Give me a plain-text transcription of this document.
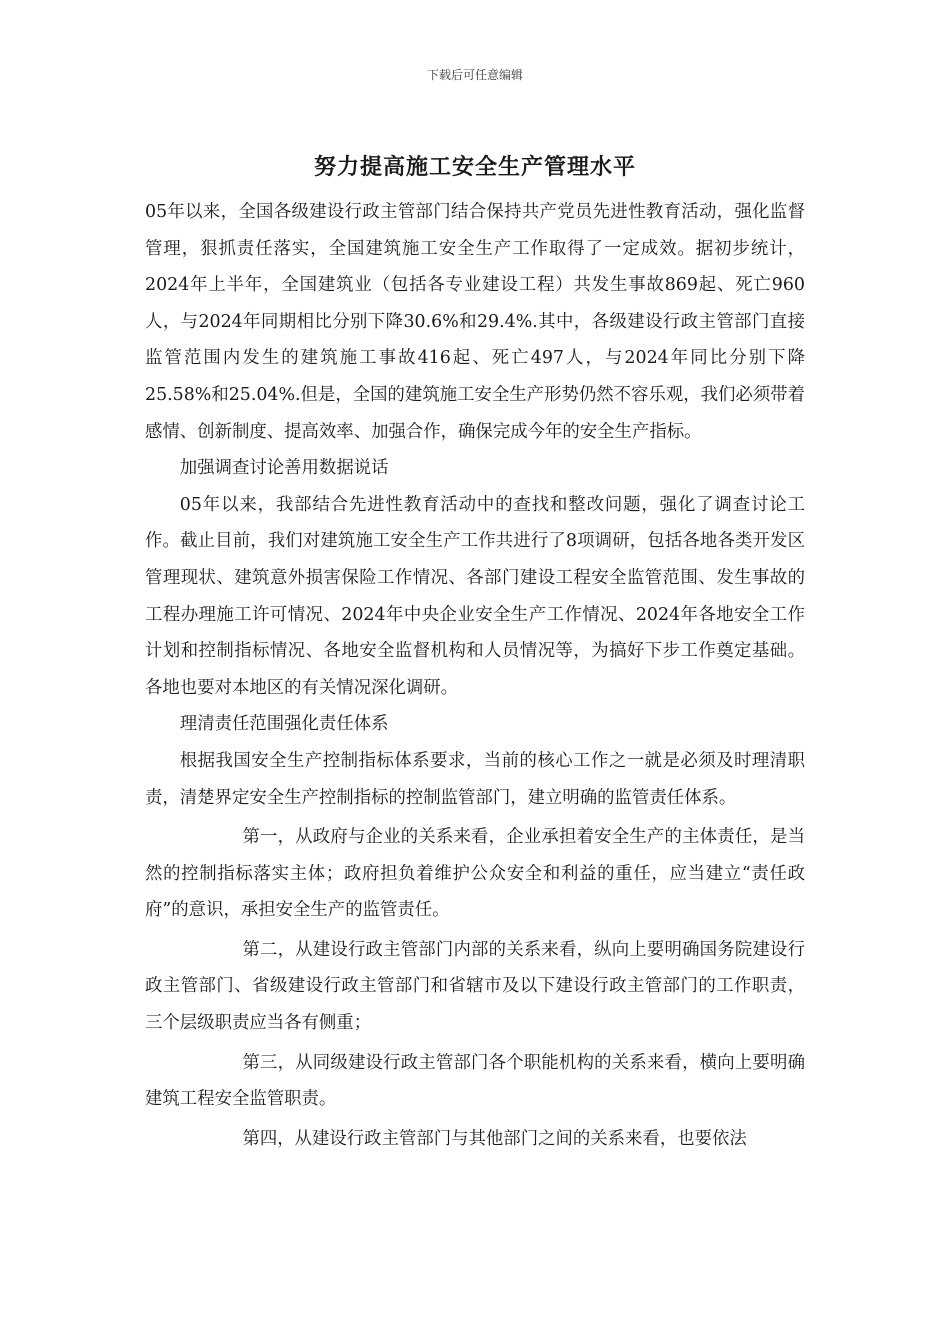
下载后可任意编辑
努力提高施工安全生产管理水平

05年以来，全国各级建设行政主管部门结合保持共产党员先进性教育活动，强化监督管理，狠抓责任落实，全国建筑施工安全生产工作取得了一定成效。据初步统计，2024年上半年，全国建筑业（包括各专业建设工程）共发生事故869起、死亡960人，与2024年同期相比分别下降30.6%和29.4%.其中，各级建设行政主管部门直接监管范围内发生的建筑施工事故416起、死亡497人，与2024年同比分别下降25.58%和25.04%.但是，全国的建筑施工安全生产形势仍然不容乐观，我们必须带着感情、创新制度、提高效率、加强合作，确保完成今年的安全生产指标。

加强调查讨论善用数据说话

05年以来，我部结合先进性教育活动中的查找和整改问题，强化了调查讨论工作。截止目前，我们对建筑施工安全生产工作共进行了8项调研，包括各地各类开发区管理现状、建筑意外损害保险工作情况、各部门建设工程安全监管范围、发生事故的工程办理施工许可情况、2024年中央企业安全生产工作情况、2024年各地安全工作计划和控制指标情况、各地安全监督机构和人员情况等，为搞好下步工作奠定基础。各地也要对本地区的有关情况深化调研。

理清责任范围强化责任体系

根据我国安全生产控制指标体系要求，当前的核心工作之一就是必须及时理清职责，清楚界定安全生产控制指标的控制监管部门，建立明确的监管责任体系。

第一，从政府与企业的关系来看，企业承担着安全生产的主体责任，是当然的控制指标落实主体；政府担负着维护公众安全和利益的重任，应当建立“责任政府”的意识，承担安全生产的监管责任。

第二，从建设行政主管部门内部的关系来看，纵向上要明确国务院建设行政主管部门、省级建设行政主管部门和省辖市及以下建设行政主管部门的工作职责，三个层级职责应当各有侧重；

第三，从同级建设行政主管部门各个职能机构的关系来看，横向上要明确建筑工程安全监管职责。

第四，从建设行政主管部门与其他部门之间的关系来看，也要依法
